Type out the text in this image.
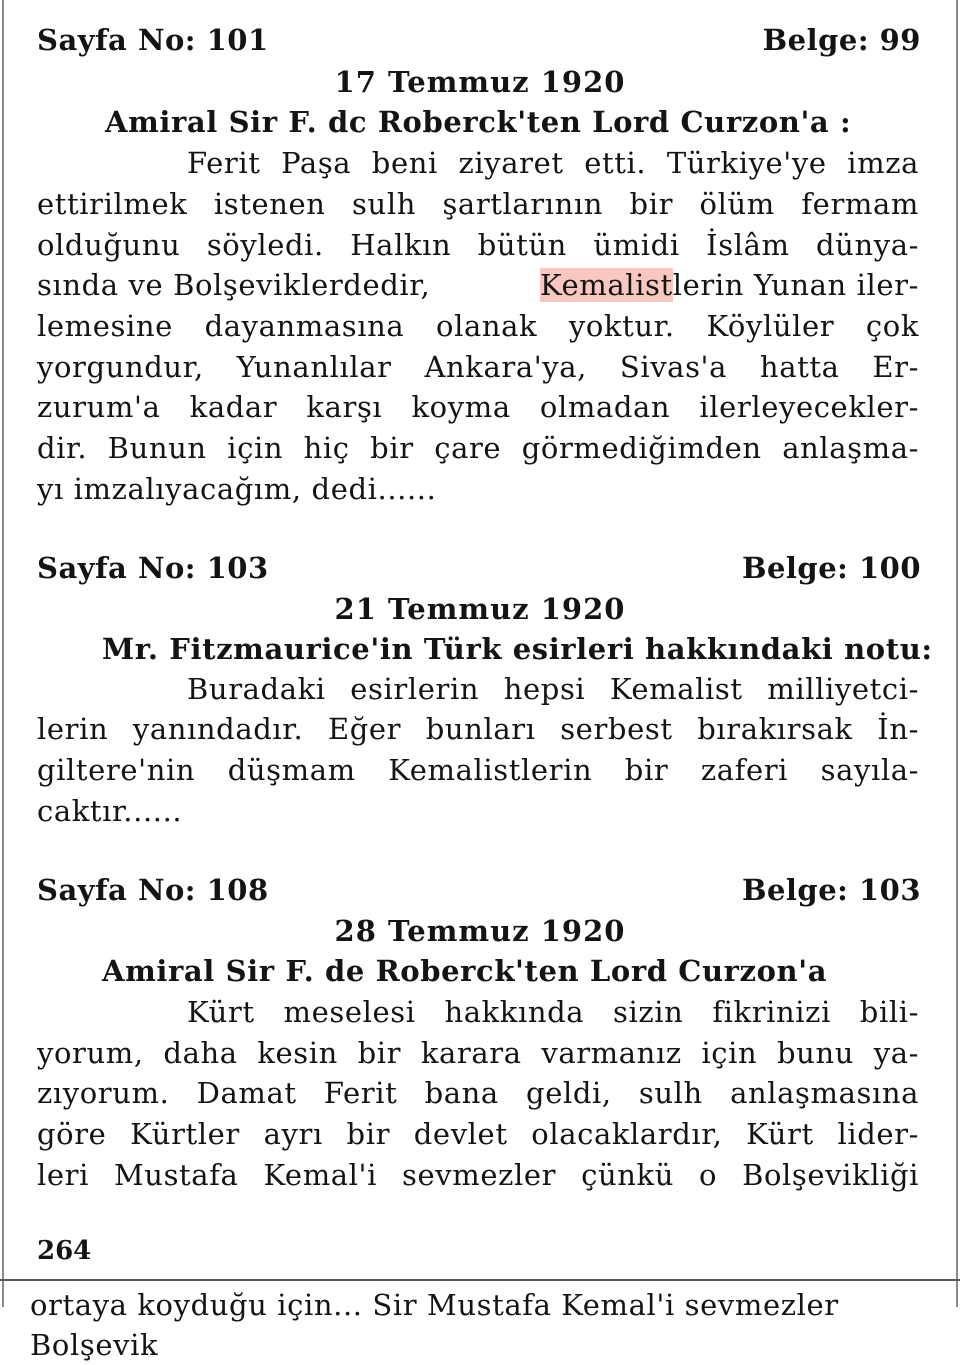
Sayfa No: 101	Belge: 99
17 Temmuz 1920
Amiral Sir F. dc Roberck'ten Lord Curzon'a :
Ferit Paşa beni ziyaret etti. Türkiye'ye imza
ettirilmek istenen sulh şartlarının bir ölüm fermam
olduğunu söyledi. Halkın bütün ümidi İslâm dünya-
sında ve Bolşeviklerdedir,	Kemalistlerin Yunan iler-
lemesine dayanmasına olanak yoktur. Köylüler çok
yorgundur, Yunanlılar Ankara'ya, Sivas'a hatta Er-
zurum'a kadar karşı koyma olmadan ilerleyecekler-
dir. Bunun için hiç bir çare görmediğimden anlaşma-
yı imzalıyacağım, dedi......
Sayfa No: 103	Belge: 100
21 Temmuz 1920
Mr. Fitzmaurice'in Türk esirleri hakkındaki notu:
Buradaki esirlerin hepsi Kemalist milliyetci-
lerin yanındadır. Eğer bunları serbest bırakırsak İn-
giltere'nin düşmam Kemalistlerin bir zaferi sayıla-
caktır......
Sayfa No: 108	Belge: 103
28 Temmuz 1920
Amiral Sir F. de Roberck'ten Lord Curzon'a
Kürt meselesi hakkında sizin fikrinizi bili-
yorum, daha kesin bir karara varmanız için bunu ya-
zıyorum. Damat Ferit bana geldi, sulh anlaşmasına
göre Kürtler ayrı bir devlet olacaklardır, Kürt lider-
leri Mustafa Kemal'i sevmezler çünkü o Bolşevikliği
264
ortaya koyduğu için... Sir Mustafa Kemal'i sevmezler Bolşevik
